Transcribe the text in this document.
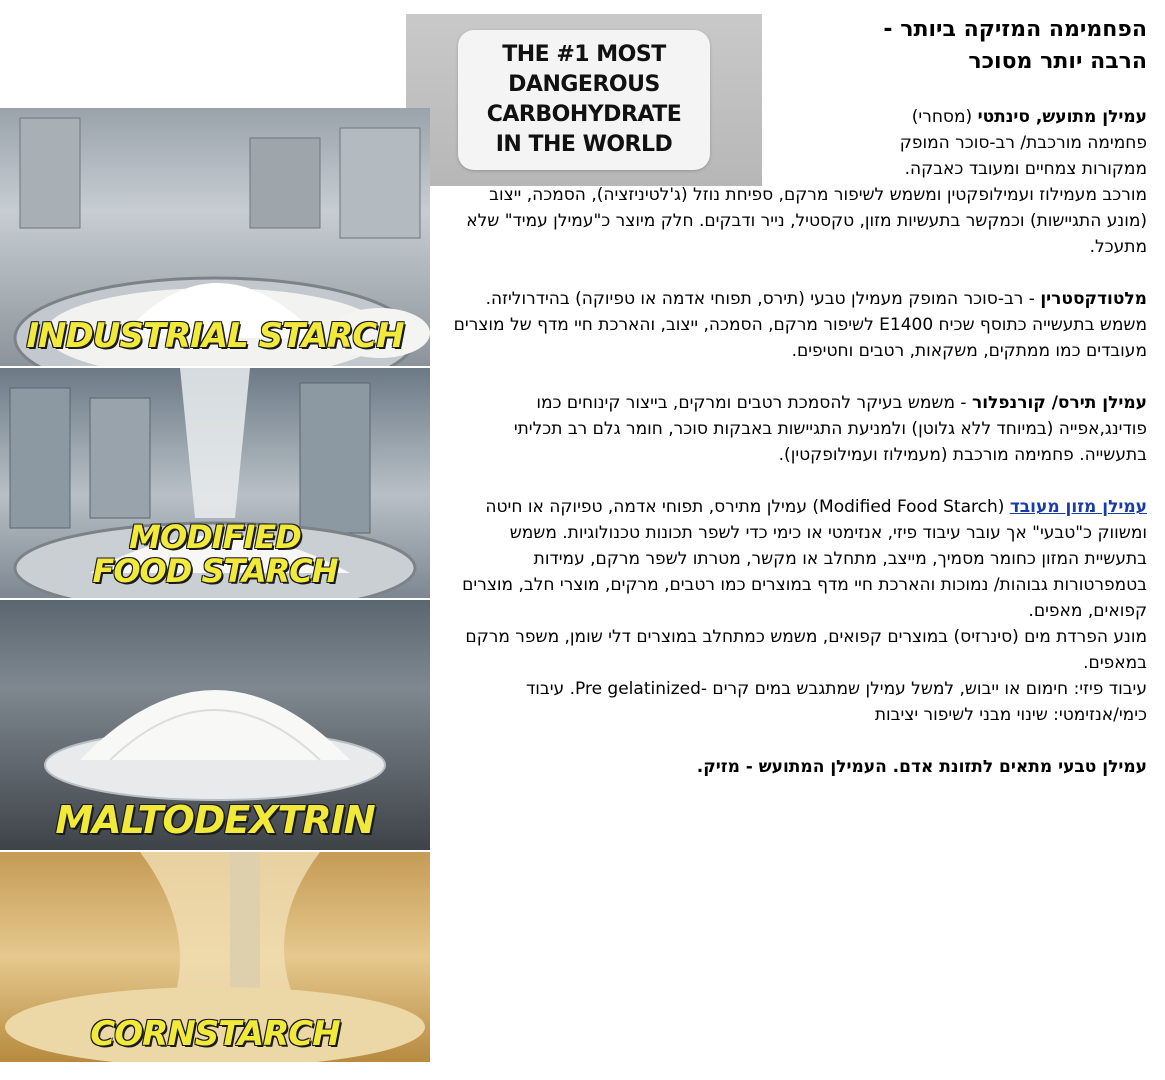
THE #1 MOST
DANGEROUS
CARBOHYDRATE
IN THE WORLD
INDUSTRIAL STARCH
MODIFIED
FOOD STARCH
MALTODEXTRIN
CORNSTARCH
הפחמימה המזיקה ביותר -
הרבה יותר מסוכר

עמילן מתועש, סינתטי (מסחרי)

פחמימה מורכבת/ רב-סוכר המופק

ממקורות צמחיים ומעובד כאבקה.

מורכב מעמילוז ועמילופקטין ומשמש לשיפור מרקם, ספיחת נוזל (ג'לטיניזציה), הסמכה, ייצוב (מונע התגיישות) וכמקשר בתעשיות מזון, טקסטיל, נייר ודבקים. חלק מיוצר כ"עמילן עמיד" שלא מתעכל.

מלטודקסטרין - רב-סוכר המופק מעמילן טבעי (תירס, תפוחי אדמה או טפיוקה) בהידרוליזה. משמש בתעשייה כתוסף שכיח E1400 לשיפור מרקם, הסמכה, ייצוב, והארכת חיי מדף של מוצרים מעובדים כמו ממתקים, משקאות, רטבים וחטיפים.

עמילן תירס/ קורנפלור - משמש בעיקר להסמכת רטבים ומרקים, בייצור קינוחים כמו פודינג,אפייה (במיוחד ללא גלוטן) ולמניעת התגיישות באבקות סוכר, חומר גלם רב תכליתי בתעשייה. פחמימה מורכבת (מעמילוז ועמילופקטין).

עמילן מזון מעובד (Modified Food Starch) עמילן מתירס, תפוחי אדמה, טפיוקה או חיטה ומשווק כ"טבעי" אך עובר עיבוד פיזי, אנזימטי או כימי כדי לשפר תכונות טכנולוגיות. משמש בתעשיית המזון כחומר מסמיך, מייצב, מתחלב או מקשר, מטרתו לשפר מרקם, עמידות בטמפרטורות גבוהות/ נמוכות והארכת חיי מדף במוצרים כמו רטבים, מרקים, מוצרי חלב, מוצרים קפואים, מאפים.

מונע הפרדת מים (סינרזיס) במוצרים קפואים, משמש כמתחלב במוצרים דלי שומן, משפר מרקם במאפים.

עיבוד פיזי: חימום או ייבוש, למשל עמילן שמתגבש במים קרים -Pre gelatinized. עיבוד כימי/אנזימטי: שינוי מבני לשיפור יציבות

עמילן טבעי מתאים לתזונת אדם. העמילן המתועש - מזיק.
